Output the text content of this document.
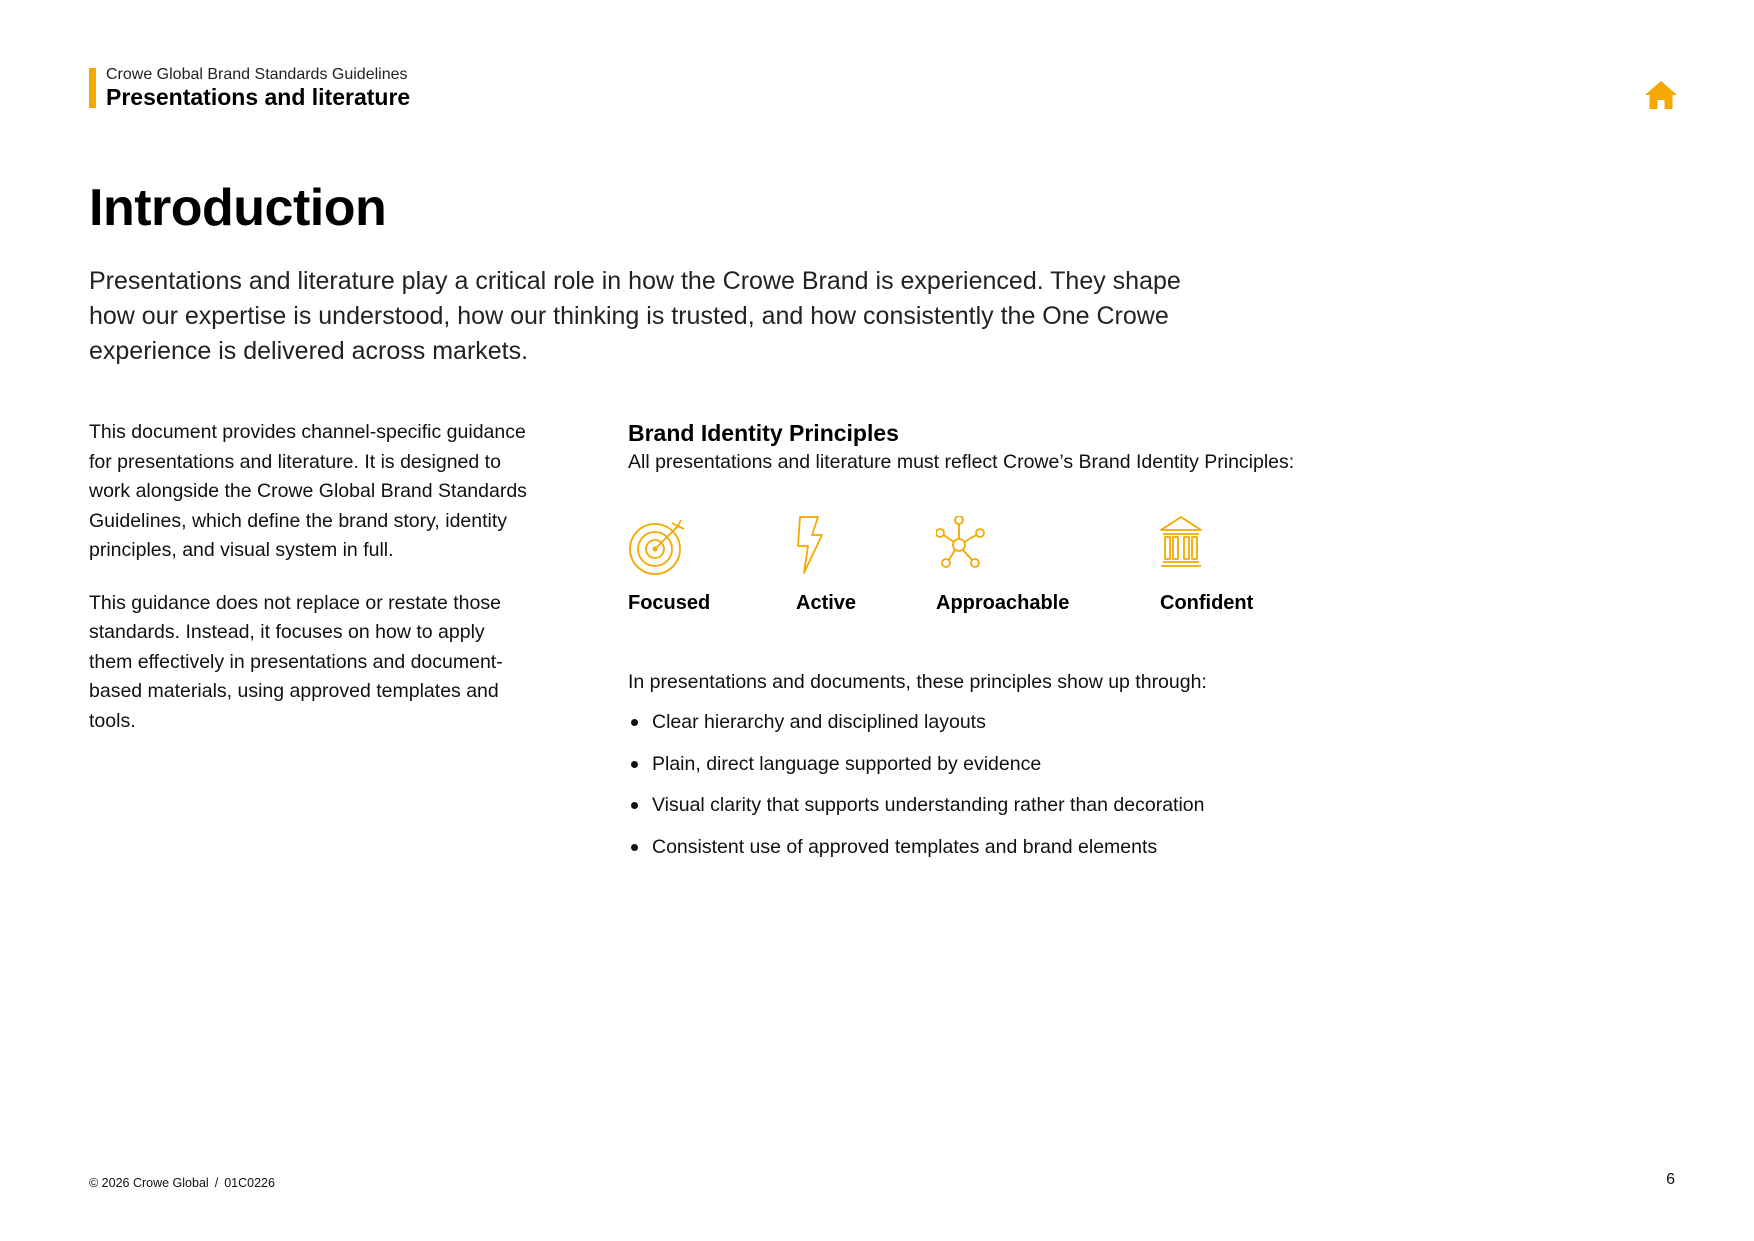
Crowe Global Brand Standards Guidelines
Presentations and literature
Introduction

Presentations and literature play a critical role in how the Crowe Brand is experienced. They shape how our expertise is understood, how our thinking is trusted, and how consistently the One Crowe experience is delivered across markets.

This document provides channel-specific guidance for presentations and literature. It is designed to work alongside the Crowe Global Brand Standards Guidelines, which define the brand story, identity principles, and visual system in full.

This guidance does not replace or restate those standards. Instead, it focuses on how to apply them effectively in presentations and document-based materials, using approved templates and tools.

Brand Identity Principles

All presentations and literature must reflect Crowe’s Brand Identity Principles:

Focused	Active	Approachable	Confident

In presentations and documents, these principles show up through:

Clear hierarchy and disciplined layouts
Plain, direct language supported by evidence
Visual clarity that supports understanding rather than decoration
Consistent use of approved templates and brand elements
© 2026 Crowe Global / 01C0226	6
